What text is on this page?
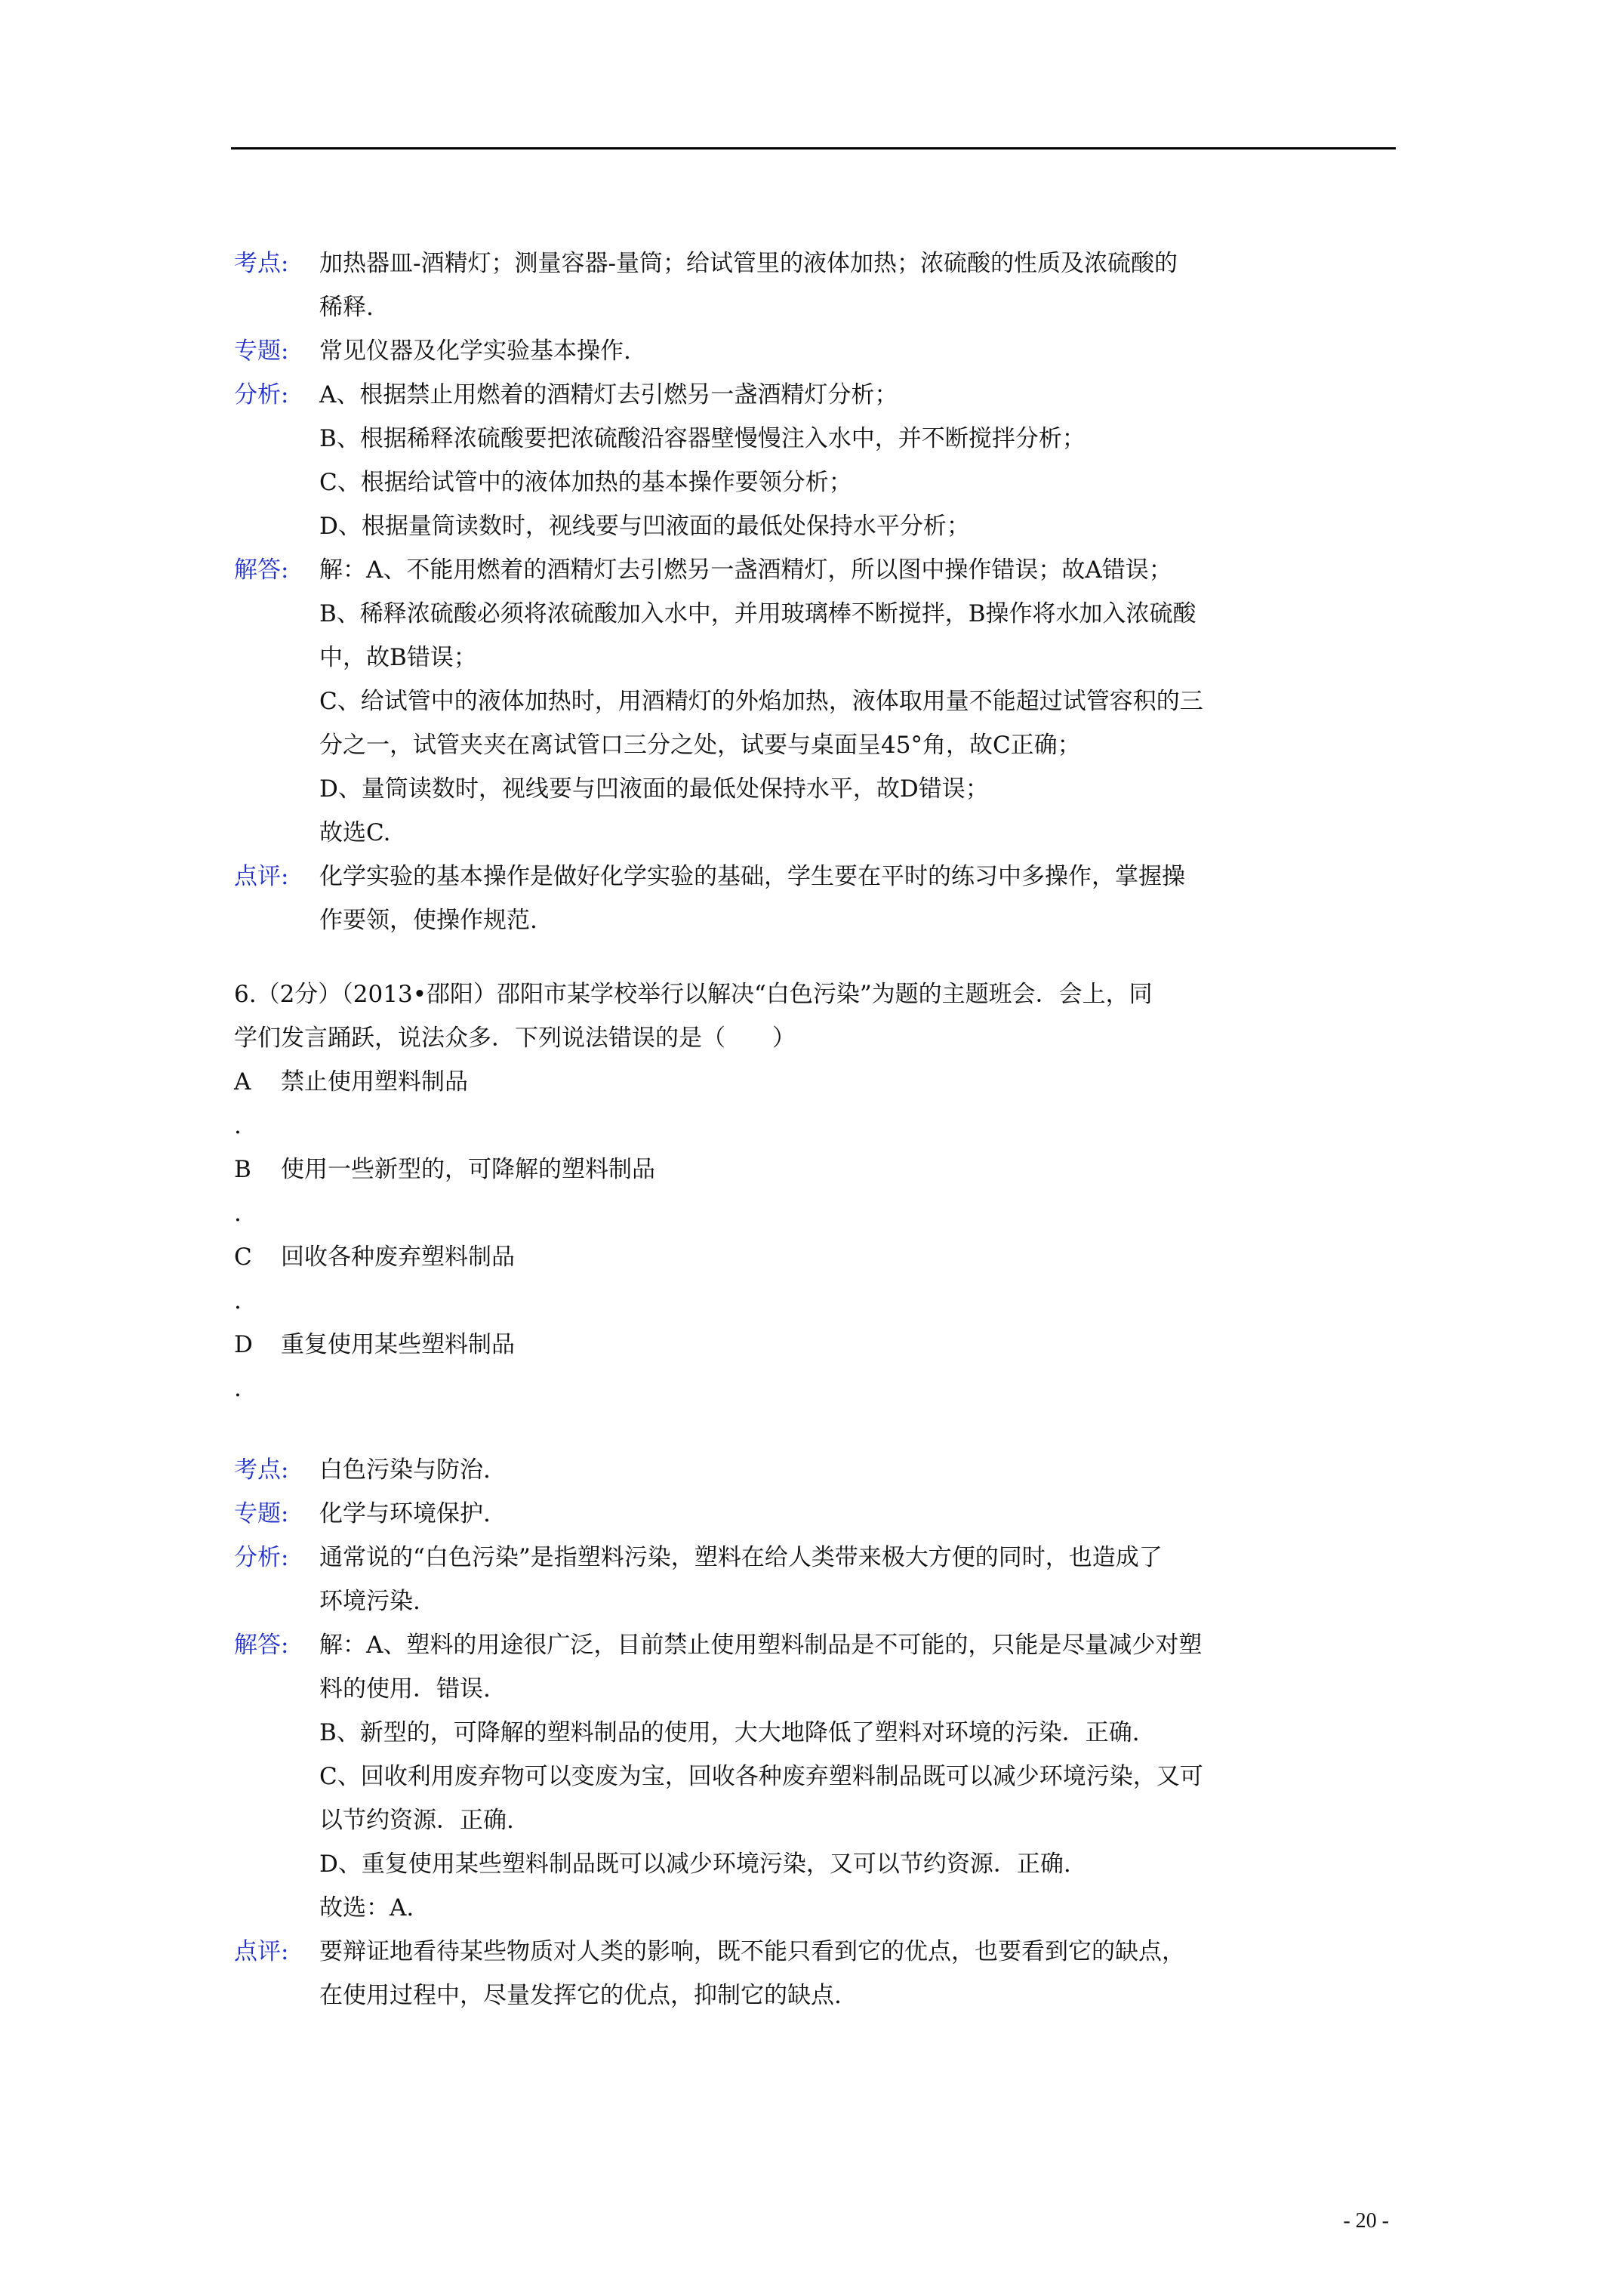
考点:	加热器皿-酒精灯；测量容器-量筒；给试管里的液体加热；浓硫酸的性质及浓硫酸的
稀释.
专题:	常见仪器及化学实验基本操作.
分析:	A、根据禁止用燃着的酒精灯去引燃另一盏酒精灯分析；
B、根据稀释浓硫酸要把浓硫酸沿容器壁慢慢注入水中，并不断搅拌分析；
C、根据给试管中的液体加热的基本操作要领分析；
D、根据量筒读数时，视线要与凹液面的最低处保持水平分析；
解答:	解：A、不能用燃着的酒精灯去引燃另一盏酒精灯，所以图中操作错误；故A错误；
B、稀释浓硫酸必须将浓硫酸加入水中，并用玻璃棒不断搅拌，B操作将水加入浓硫酸
中，故B错误；
C、给试管中的液体加热时，用酒精灯的外焰加热，液体取用量不能超过试管容积的三
分之一，试管夹夹在离试管口三分之处，试要与桌面呈45°角，故C正确；
D、量筒读数时，视线要与凹液面的最低处保持水平，故D错误；
故选C.
点评:	化学实验的基本操作是做好化学实验的基础，学生要在平时的练习中多操作，掌握操
作要领，使操作规范.
6.（2分）（2013•邵阳）邵阳市某学校举行以解决“白色污染”为题的主题班会．会上，同
学们发言踊跃，说法众多．下列说法错误的是（　　）
A	禁止使用塑料制品
.
B	使用一些新型的，可降解的塑料制品
.
C	回收各种废弃塑料制品
.
D	重复使用某些塑料制品
.
考点:	白色污染与防治.
专题:	化学与环境保护.
分析:	通常说的“白色污染”是指塑料污染，塑料在给人类带来极大方便的同时，也造成了
环境污染.
解答:	解：A、塑料的用途很广泛，目前禁止使用塑料制品是不可能的，只能是尽量减少对塑
料的使用．错误.
B、新型的，可降解的塑料制品的使用，大大地降低了塑料对环境的污染．正确.
C、回收利用废弃物可以变废为宝，回收各种废弃塑料制品既可以减少环境污染，又可
以节约资源．正确.
D、重复使用某些塑料制品既可以减少环境污染，又可以节约资源．正确.
故选：A.
点评:	要辩证地看待某些物质对人类的影响，既不能只看到它的优点，也要看到它的缺点，
在使用过程中，尽量发挥它的优点，抑制它的缺点.
- 20 -
